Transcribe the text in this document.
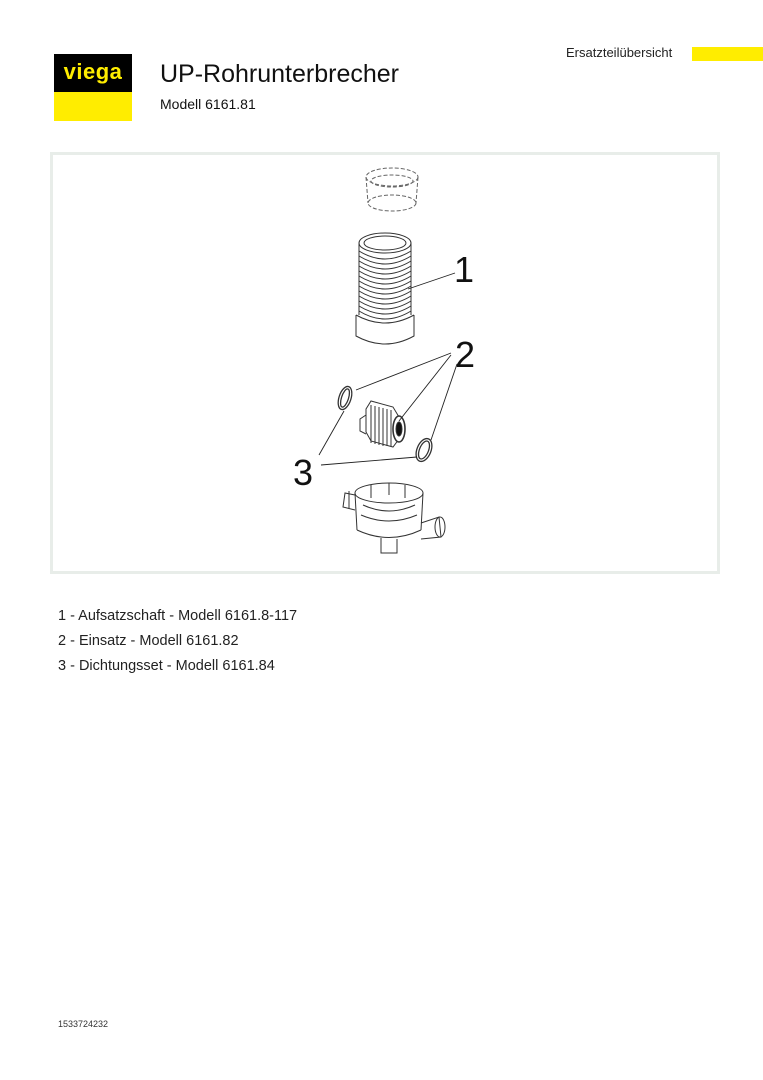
viega	UP-Rohrunterbrecher
Modell 6161.81
Ersatzteilübersicht
1
2
3
1 - Aufsatzschaft - Modell 6161.8-117
2 - Einsatz - Modell 6161.82
3 - Dichtungsset - Modell 6161.84
1533724232
